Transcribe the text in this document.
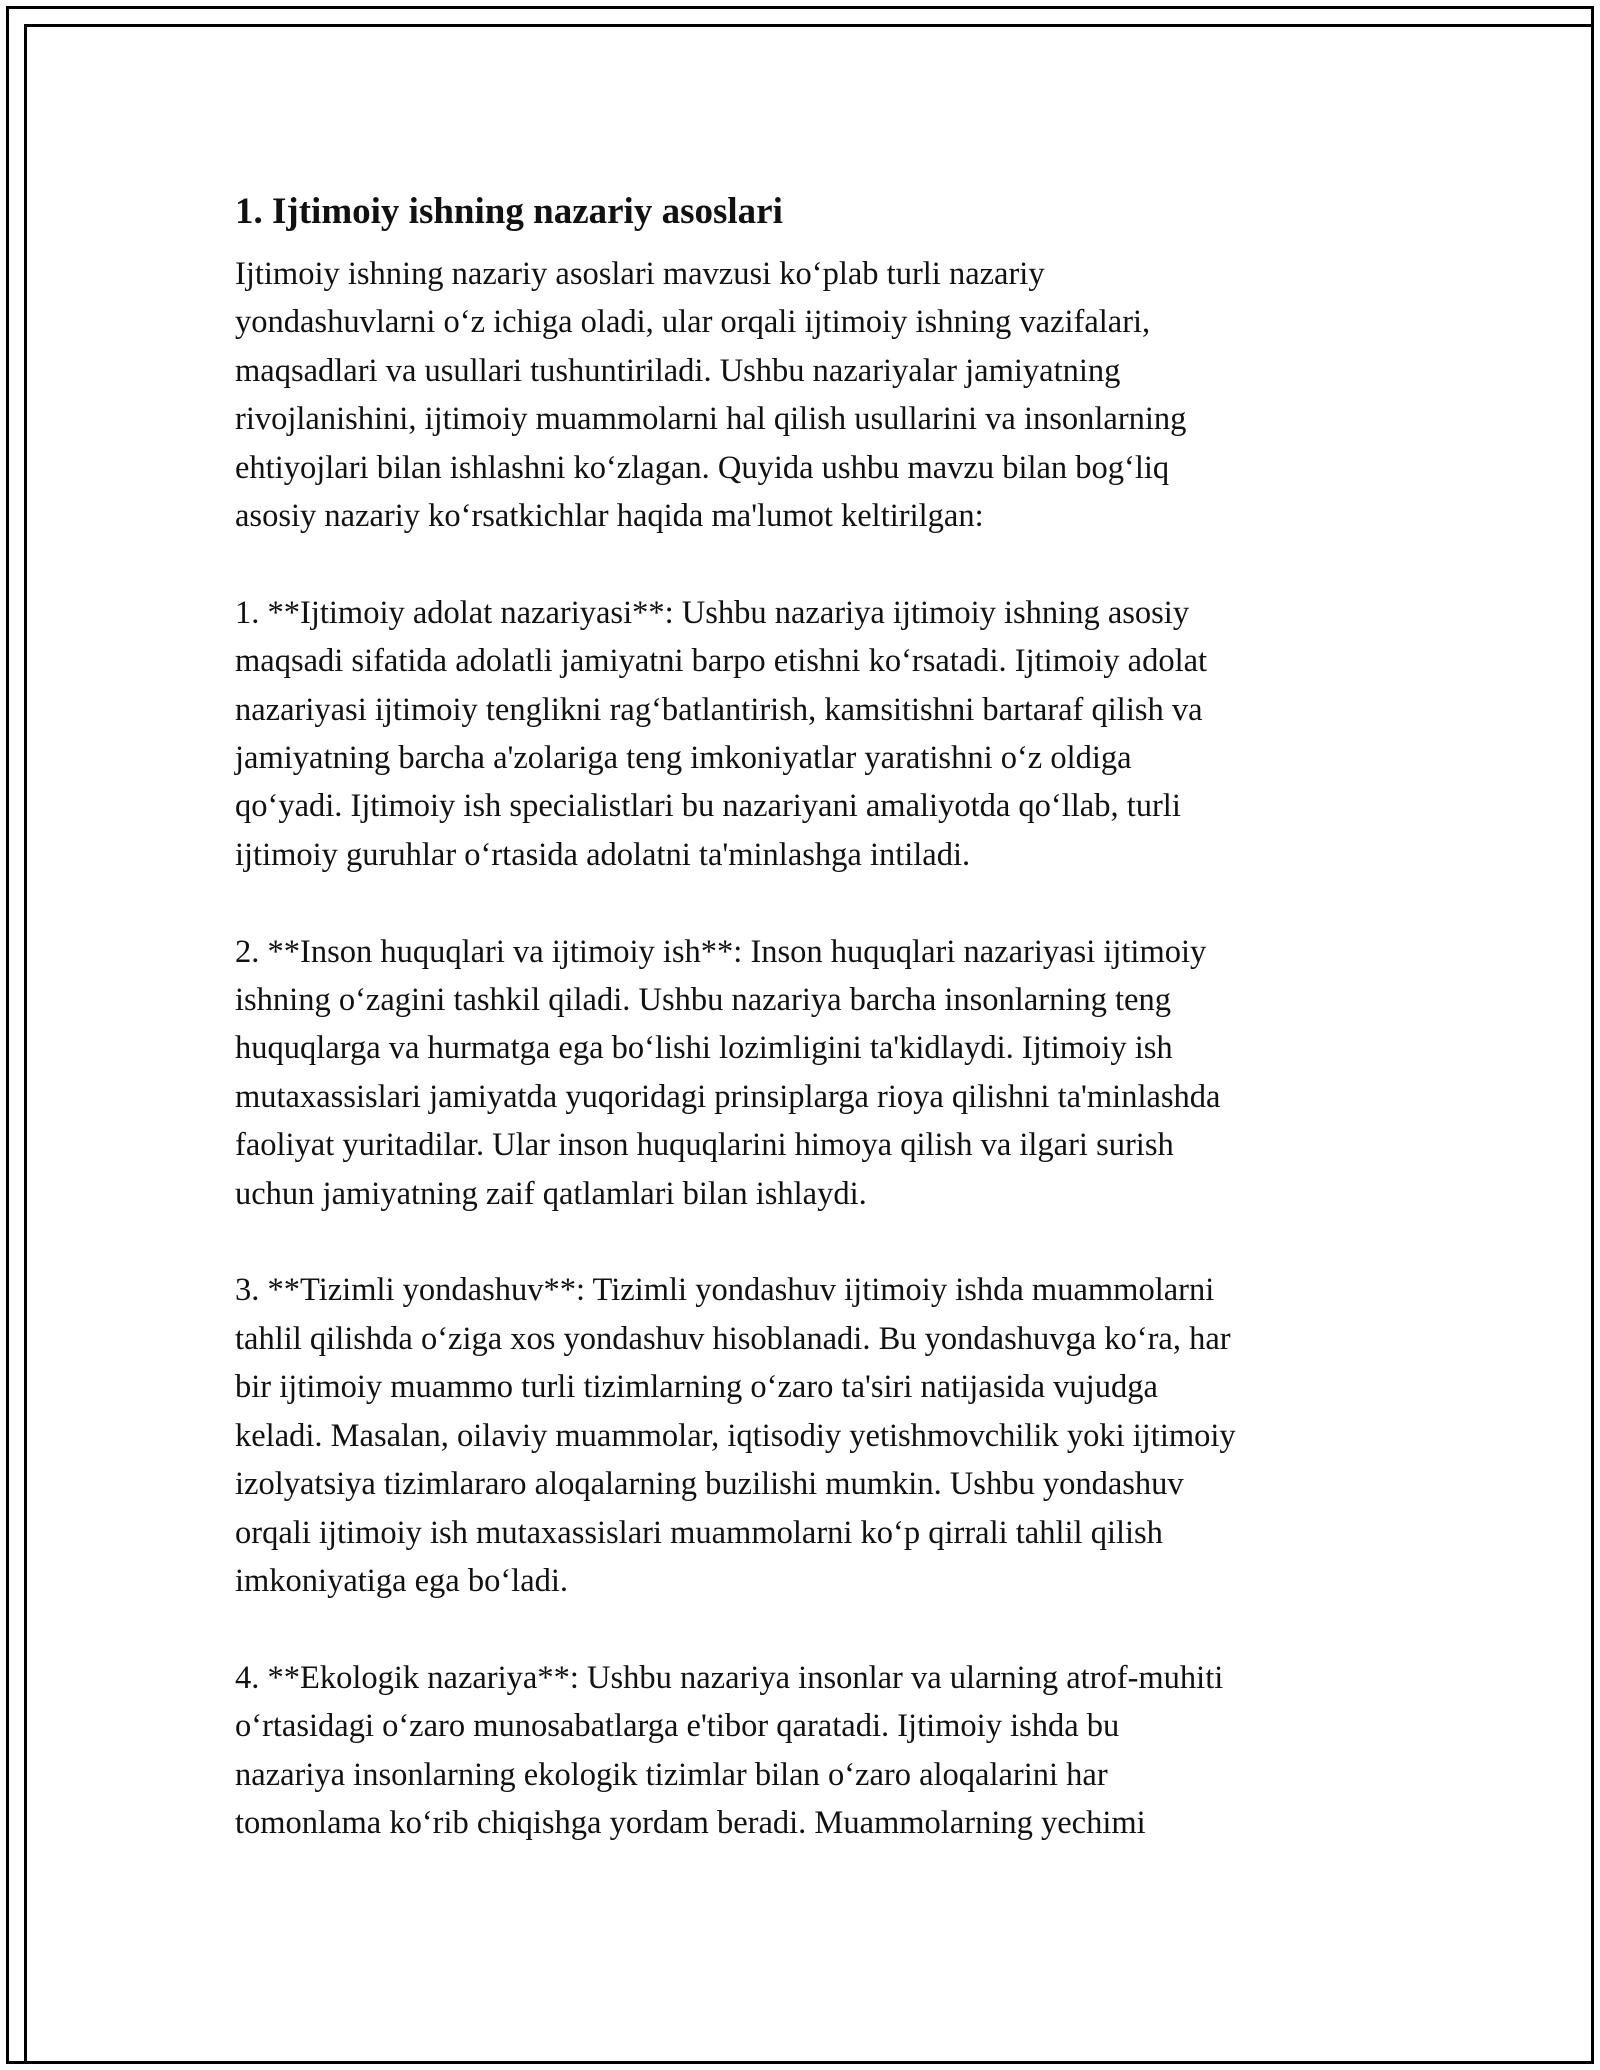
1. Ijtimoiy ishning nazariy asoslari
Ijtimoiy ishning nazariy asoslari mavzusi koʻplab turli nazariy
yondashuvlarni oʻz ichiga oladi, ular orqali ijtimoiy ishning vazifalari,
maqsadlari va usullari tushuntiriladi. Ushbu nazariyalar jamiyatning
rivojlanishini, ijtimoiy muammolarni hal qilish usullarini va insonlarning
ehtiyojlari bilan ishlashni koʻzlagan. Quyida ushbu mavzu bilan bogʻliq
asosiy nazariy koʻrsatkichlar haqida ma'lumot keltirilgan:
1. **Ijtimoiy adolat nazariyasi**: Ushbu nazariya ijtimoiy ishning asosiy
maqsadi sifatida adolatli jamiyatni barpo etishni koʻrsatadi. Ijtimoiy adolat
nazariyasi ijtimoiy tenglikni ragʻbatlantirish, kamsitishni bartaraf qilish va
jamiyatning barcha a'zolariga teng imkoniyatlar yaratishni oʻz oldiga
qoʻyadi. Ijtimoiy ish specialistlari bu nazariyani amaliyotda qoʻllab, turli
ijtimoiy guruhlar oʻrtasida adolatni ta'minlashga intiladi.
2. **Inson huquqlari va ijtimoiy ish**: Inson huquqlari nazariyasi ijtimoiy
ishning oʻzagini tashkil qiladi. Ushbu nazariya barcha insonlarning teng
huquqlarga va hurmatga ega boʻlishi lozimligini ta'kidlaydi. Ijtimoiy ish
mutaxassislari jamiyatda yuqoridagi prinsiplarga rioya qilishni ta'minlashda
faoliyat yuritadilar. Ular inson huquqlarini himoya qilish va ilgari surish
uchun jamiyatning zaif qatlamlari bilan ishlaydi.
3. **Tizimli yondashuv**: Tizimli yondashuv ijtimoiy ishda muammolarni
tahlil qilishda oʻziga xos yondashuv hisoblanadi. Bu yondashuvga koʻra, har
bir ijtimoiy muammo turli tizimlarning oʻzaro ta'siri natijasida vujudga
keladi. Masalan, oilaviy muammolar, iqtisodiy yetishmovchilik yoki ijtimoiy
izolyatsiya tizimlararo aloqalarning buzilishi mumkin. Ushbu yondashuv
orqali ijtimoiy ish mutaxassislari muammolarni koʻp qirrali tahlil qilish
imkoniyatiga ega boʻladi.
4. **Ekologik nazariya**: Ushbu nazariya insonlar va ularning atrof-muhiti
oʻrtasidagi oʻzaro munosabatlarga e'tibor qaratadi. Ijtimoiy ishda bu
nazariya insonlarning ekologik tizimlar bilan oʻzaro aloqalarini har
tomonlama koʻrib chiqishga yordam beradi. Muammolarning yechimi
